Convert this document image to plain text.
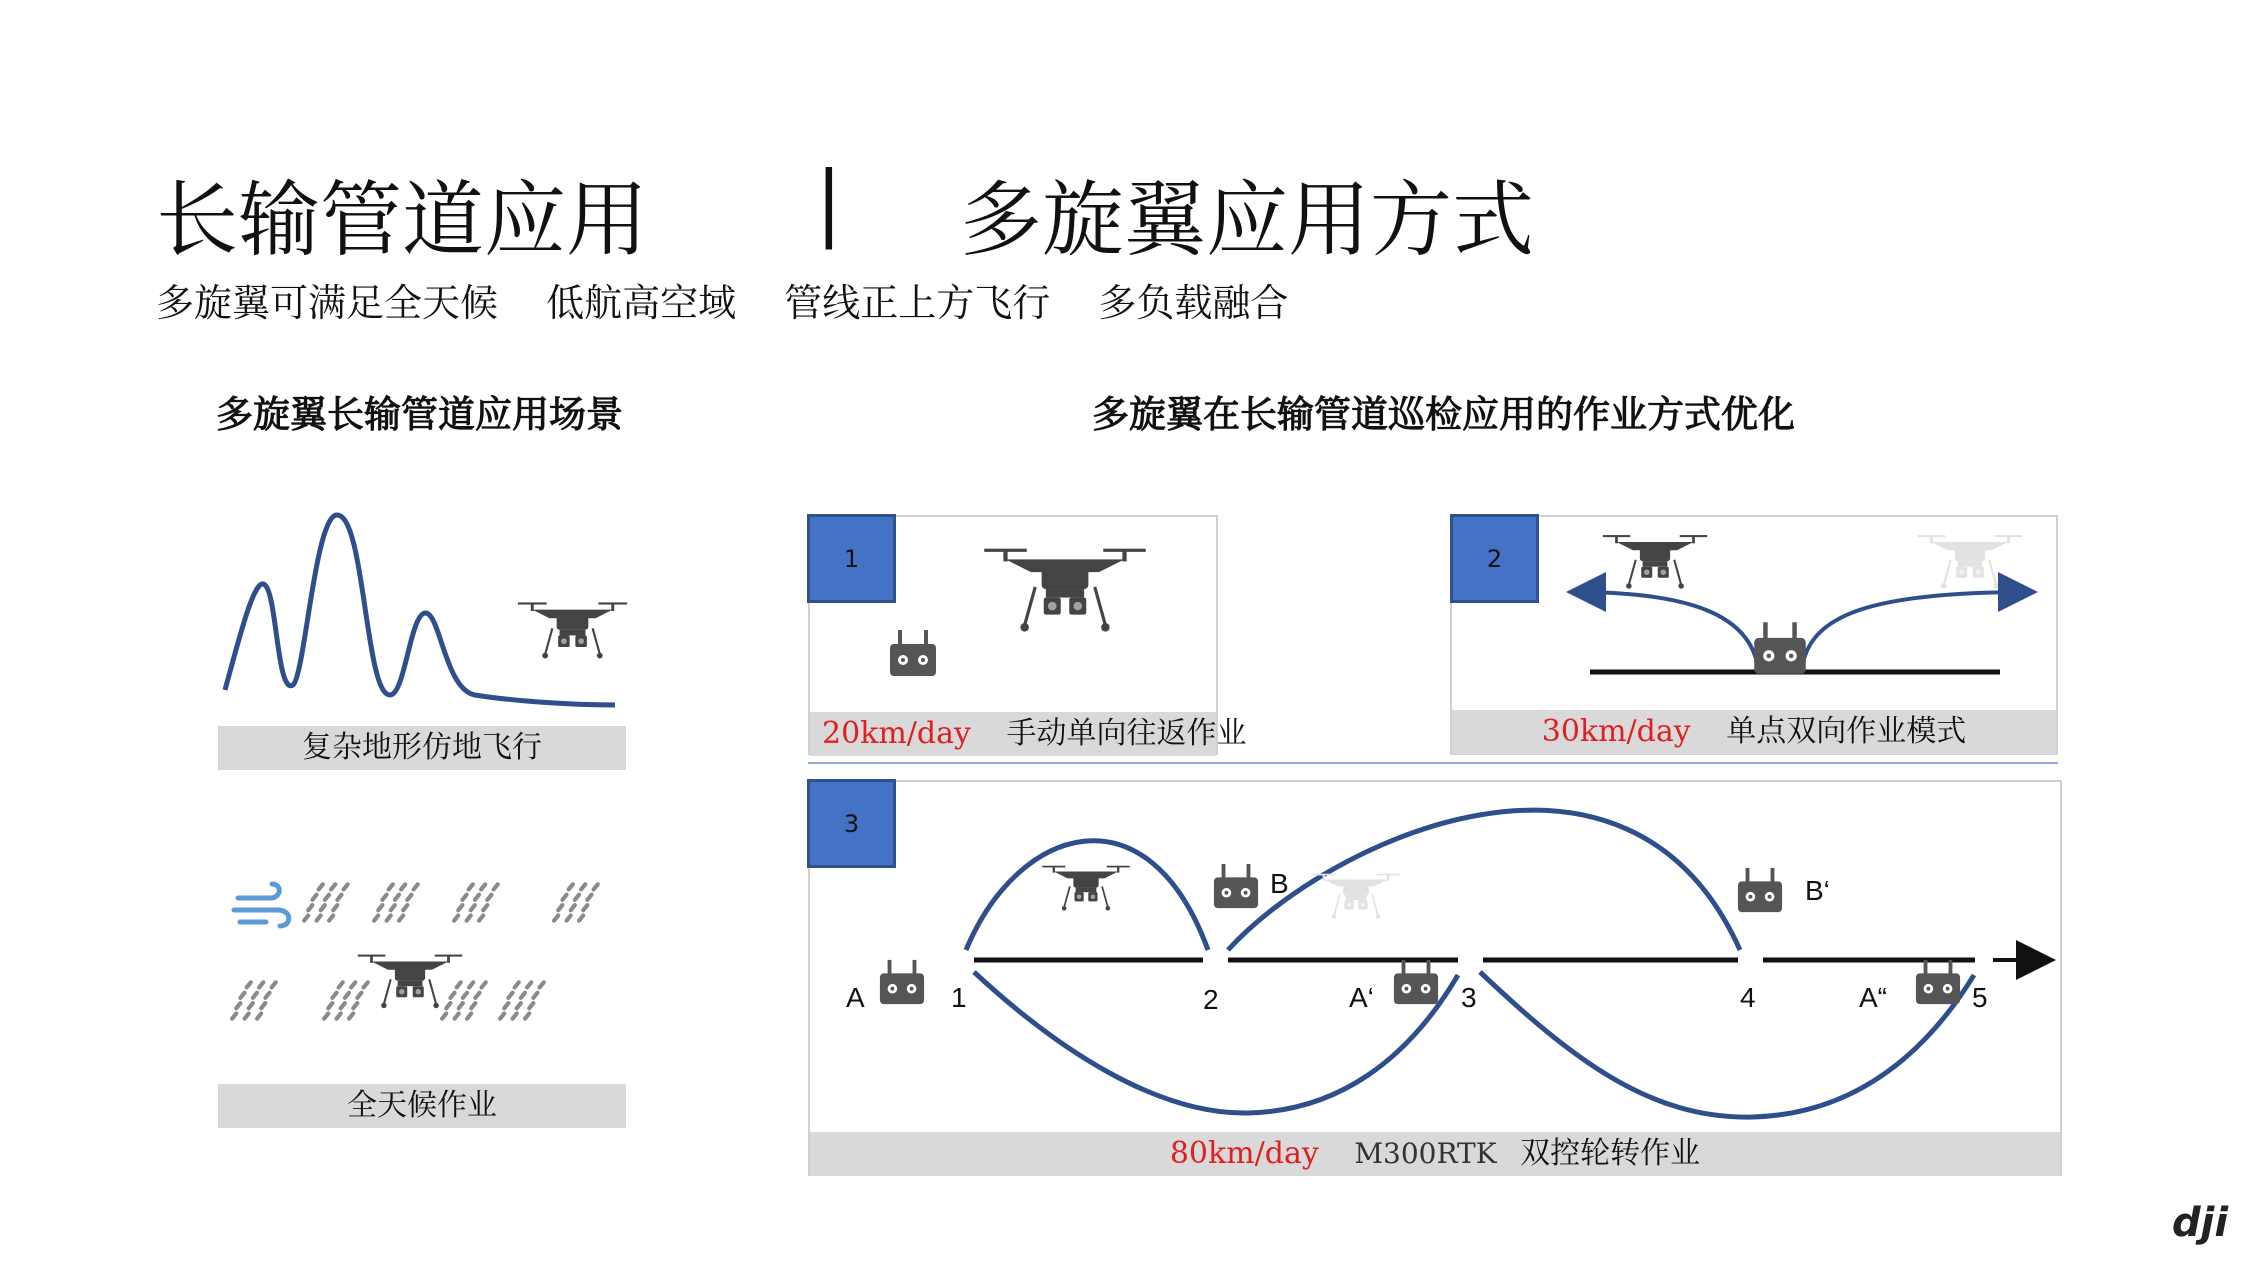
长输管道应用 | 多旋翼应用方式
多旋翼可满足全天候 低航高空域 管线正上方飞行 多负载融合
多旋翼长输管道应用场景
复杂地形仿地飞行
全天候作业
多旋翼在长输管道巡检应用的作业方式优化
1
20km/day 手动单向往返作业
2
30km/day 单点双向作业模式
3
A	1
B
2	A‘	3
B‘
4	A“	5
80km/day M300RTK 双控轮转作业
dji
